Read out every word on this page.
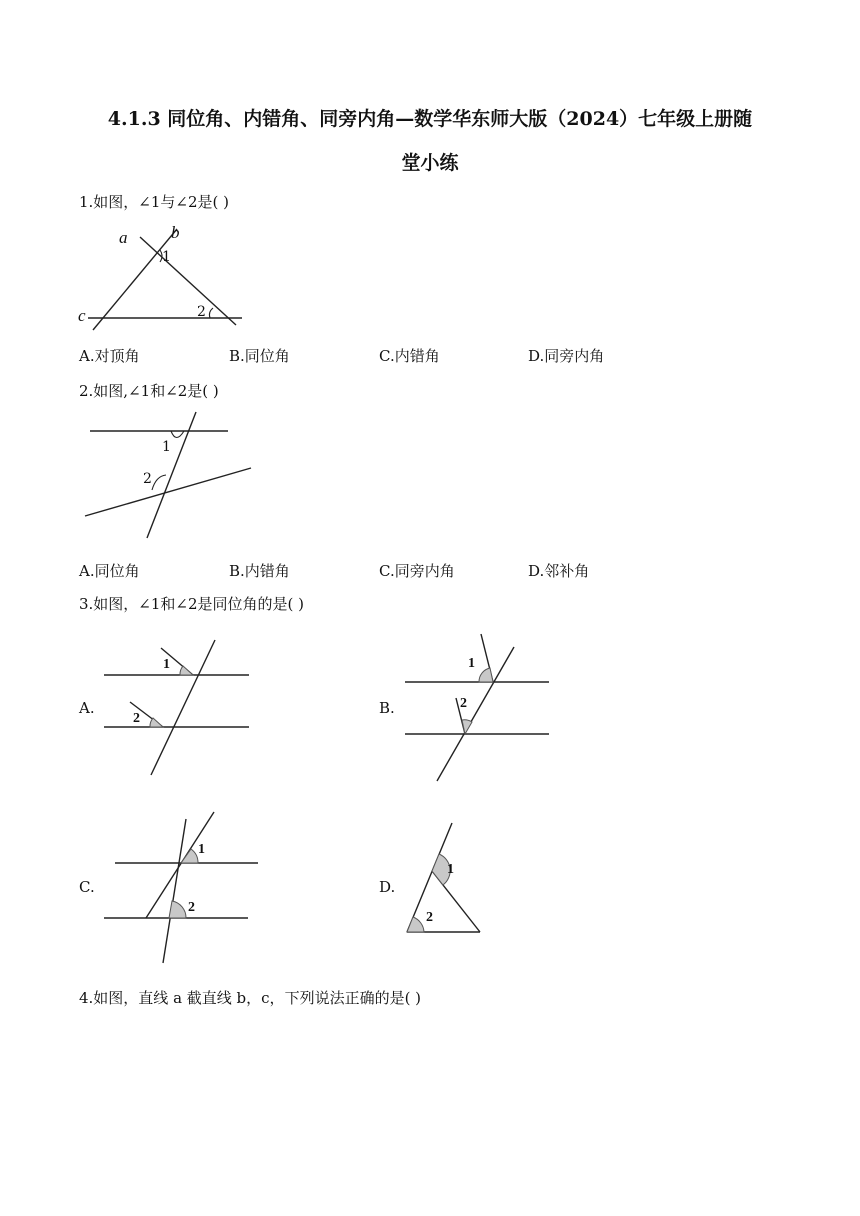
4.1.3 同位角、内错角、同旁内角—数学华东师大版（2024）七年级上册随
堂小练
1.如图，∠1与∠2是( )
a	b
c
1
2
A.对顶角	B.同位角	C.内错角	D.同旁内角
2.如图,∠1和∠2是( )
1
2
A.同位角	B.内错角	C.同旁内角	D.邻补角
3.如图，∠1和∠2是同位角的是( )
A.
1
2
B.
1
2
C.
1
2
D.
1
2
4.如图，直线 a 截直线 b，c，下列说法正确的是( )
